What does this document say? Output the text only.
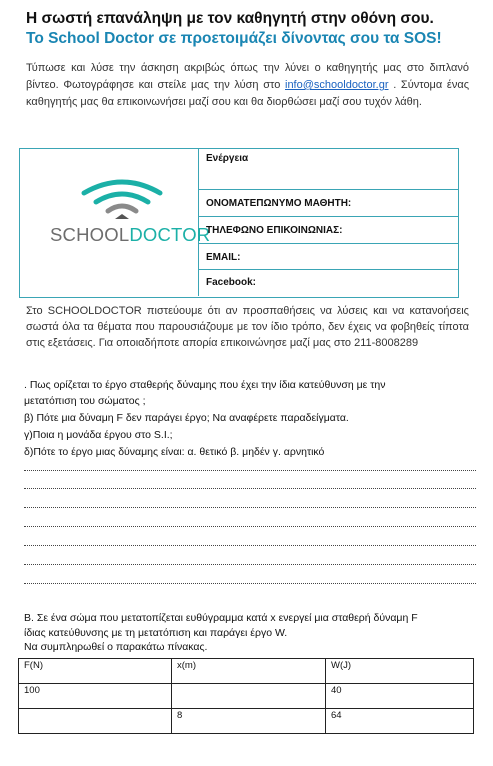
Η σωστή επανάληψη με τον καθηγητή στην οθόνη σου.
Το School Doctor σε προετοιμάζει δίνοντας σου τα SOS!
Τύπωσε και λύσε την άσκηση ακριβώς όπως την λύνει ο καθηγητής μας στο διπλανό βίντεο. Φωτογράφησε και στείλε μας την λύση στο info@schooldoctor.gr . Σύντομα ένας καθηγητής μας θα επικοινωνήσει μαζί σου και θα διορθώσει μαζί σου τυχόν λάθη.
SCHOOLDOCTOR
Ενέργεια
ΟΝΟΜΑΤΕΠΩΝΥΜΟ ΜΑΘΗΤΗ:
ΤΗΛΕΦΩΝΟ ΕΠΙΚΟΙΝΩΝΙΑΣ:
EMAIL:
Facebook:
Στο SCHOOLDOCTOR πιστεύουμε ότι αν προσπαθήσεις να λύσεις και να κατανοήσεις σωστά όλα τα θέματα που παρουσιάζουμε με τον ίδιο τρόπο, δεν έχεις να φοβηθείς τίποτα στις εξετάσεις. Για οποιαδήποτε απορία επικοινώνησε μαζί μας στο 211-8008289
. Πως ορίζεται το έργο σταθερής δύναμης που έχει την ίδια κατεύθυνση με την
μετατόπιση του σώματος ;
β) Πότε μια δύναμη F δεν παράγει έργο; Να αναφέρετε παραδείγματα.
γ)Ποια η μονάδα έργου στο S.I.;
δ)Πότε το έργο μιας δύναμης είναι: α. θετικό β. μηδέν γ. αρνητικό
Β. Σε ένα σώμα που μετατοπίζεται ευθύγραμμα κατά x ενεργεί μια σταθερή δύναμη F
ίδιας κατεύθυνσης με τη μετατόπιση και παράγει έργο W.
Να συμπληρωθεί ο παρακάτω πίνακας.
F(N)	x(m)	W(J)
100		40
	8	64
